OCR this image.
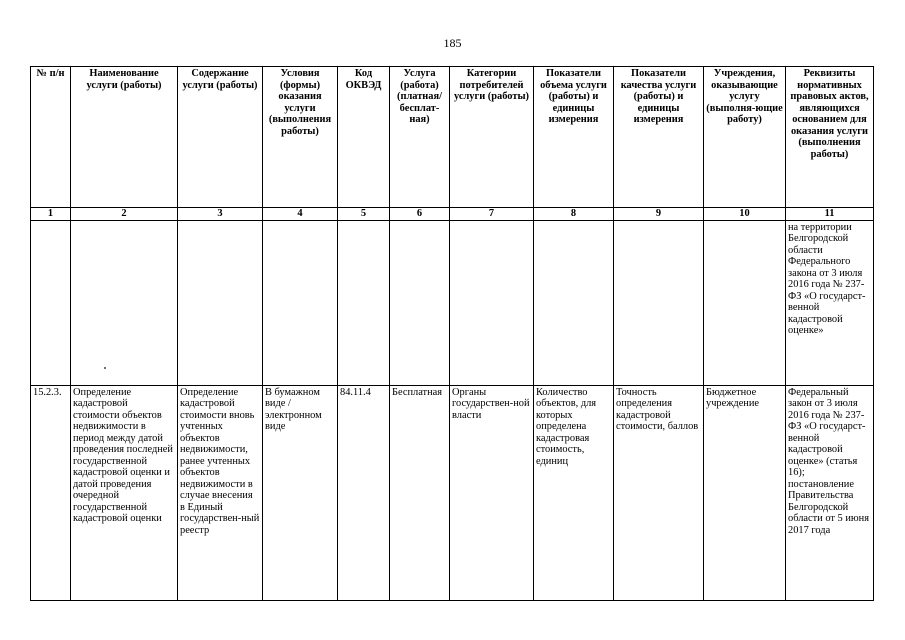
185
№ п/н	Наименование услуги (работы)	Содержание услуги (работы)	Условия (формы) оказания услуги (выполнения работы)	Код ОКВЭД	Услуга (работа) (платная/ бесплат-ная)	Категории потребителей услуги (работы)	Показатели объема услуги (работы) и единицы измерения	Показатели качества услуги (работы) и единицы измерения	Учреждения, оказывающие услугу (выполня-ющие работу)	Реквизиты нормативных правовых актов, являющихся основанием для оказания услуги (выполнения работы)
1	2	3	4	5	6	7	8	9	10	11
										на территории Белгородской области Федерального закона от 3 июля 2016 года № 237-ФЗ «О государст-венной кадастровой оценке»
15.2.3.	Определение кадастровой стоимости объектов недвижимости в период между датой проведения последней государственной кадастровой оценки и датой проведения очередной государственной кадастровой оценки	Определение кадастровой стоимости вновь учтенных объектов недвижимости, ранее учтенных объектов недвижимости в случае внесения в Единый государствен-ный реестр	В бумажном виде / электронном виде	84.11.4	Бесплатная	Органы государствен-ной власти	Количество объектов, для которых определена кадастровая стоимость, единиц	Точность определения кадастровой стоимости, баллов	Бюджетное учреждение	Федеральный закон от 3 июля 2016 года № 237-ФЗ «О государст-венной кадастровой оценке» (статья 16); постановление Правительства Белгородской области от 5 июня 2017 года
